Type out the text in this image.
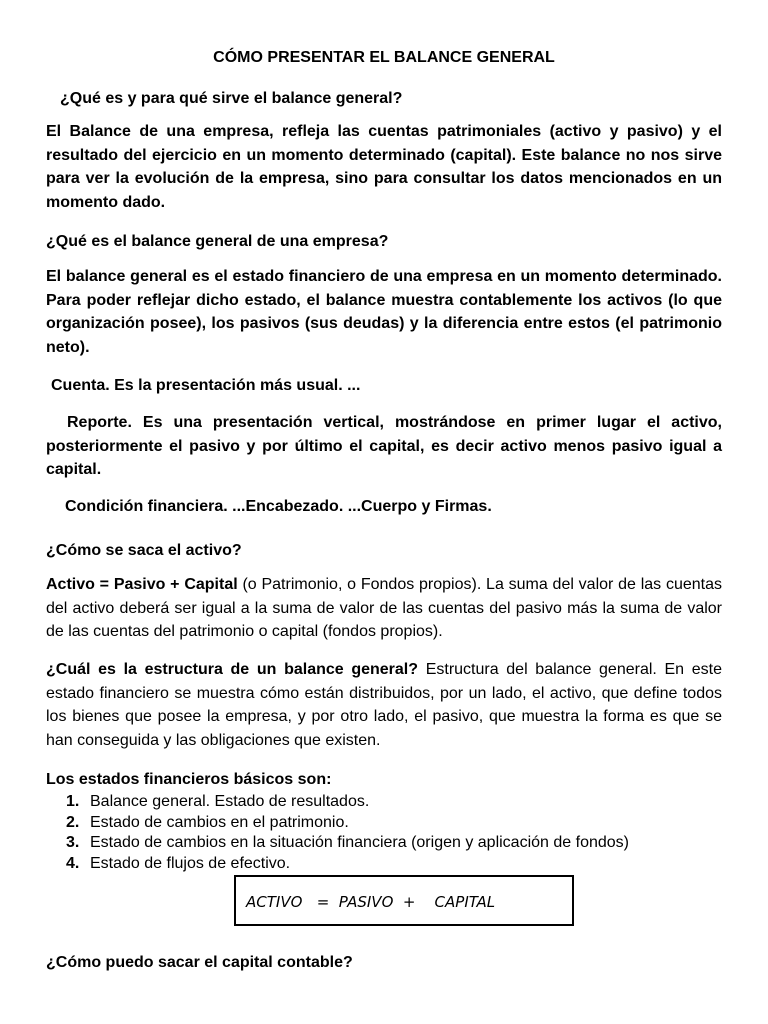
CÓMO PRESENTAR EL BALANCE GENERAL
¿Qué es y para qué sirve el balance general?
El Balance de una empresa, refleja las cuentas patrimoniales (activo y pasivo) y el resultado del ejercicio en un momento determinado (capital). Este balance no nos sirve para ver la evolución de la empresa, sino para consultar los datos mencionados en un momento dado.
¿Qué es el balance general de una empresa?
El balance general es el estado financiero de una empresa en un momento determinado. Para poder reflejar dicho estado, el balance muestra contablemente los activos (lo que organización posee), los pasivos (sus deudas) y la diferencia entre estos (el patrimonio neto).
Cuenta. Es la presentación más usual. ...
Reporte. Es una presentación vertical, mostrándose en primer lugar el activo, posteriormente el pasivo y por último el capital, es decir activo menos pasivo igual a capital.
Condición financiera. ...Encabezado. ...Cuerpo y Firmas.
¿Cómo se saca el activo?
Activo = Pasivo + Capital (o Patrimonio, o Fondos propios). La suma del valor de las cuentas del activo deberá ser igual a la suma de valor de las cuentas del pasivo más la suma de valor de las cuentas del patrimonio o capital (fondos propios).
¿Cuál es la estructura de un balance general? Estructura del balance general. En este estado financiero se muestra cómo están distribuidos, por un lado, el activo, que define todos los bienes que posee la empresa, y por otro lado, el pasivo, que muestra la forma es que se han conseguida y las obligaciones que existen.
Los estados financieros básicos son:
1. Balance general. Estado de resultados.
2. Estado de cambios en el patrimonio.
3. Estado de cambios en la situación financiera (origen y aplicación de fondos)
4. Estado de flujos de efectivo.
ACTIVO   =  PASIVO  +    CAPITAL
¿Cómo puedo sacar el capital contable?
